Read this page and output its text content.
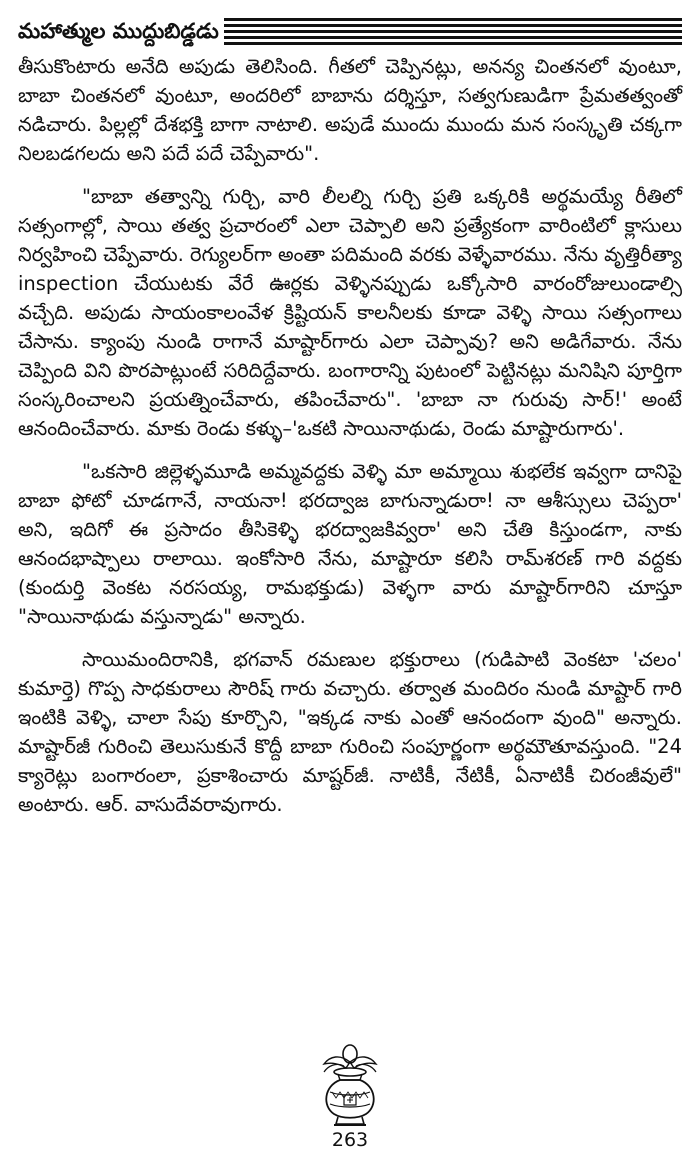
మహాత్ముల ముద్దుబిడ్డడు

తీసుకొంటారు అనేది అపుడు తెలిసింది. గీతలో చెప్పినట్లు, అనన్య చింతనలో వుంటూ, బాబా చింతనలో వుంటూ, అందరిలో బాబాను దర్శిస్తూ, సత్వగుణుడిగా ప్రేమతత్వంతో నడిచారు. పిల్లల్లో దేశభక్తి బాగా నాటాలి. అపుడే ముందు ముందు మన సంస్కృతి చక్కగా నిలబడగలదు అని పదే పదే చెప్పేవారు".

"బాబా తత్వాన్ని గుర్చి, వారి లీలల్ని గుర్చి ప్రతి ఒక్కరికి అర్థమయ్యే రీతిలో సత్సంగాల్లో, సాయి తత్వ ప్రచారంలో ఎలా చెప్పాలి అని ప్రత్యేకంగా వారింటిలో క్లాసులు నిర్వహించి చెప్పేవారు. రెగ్యులర్‌గా అంతా పదిమంది వరకు వెళ్ళేవారము. నేను వృత్తిరీత్యా inspection చేయుటకు వేరే ఊర్లకు వెళ్ళినప్పుడు ఒక్కోసారి వారంరోజులుండాల్సి వచ్చేది. అపుడు సాయంకాలంవేళ క్రిష్టియన్ కాలనీలకు కూడా వెళ్ళి సాయి సత్సంగాలు చేసాను. క్యాంపు నుండి రాగానే మాష్టార్‌గారు ఎలా చెప్పావు? అని అడిగేవారు. నేను చెప్పింది విని పొరపాట్లుంటే సరిదిద్దేవారు. బంగారాన్ని పుటంలో పెట్టినట్లు మనిషిని పూర్తిగా సంస్కరించాలని ప్రయత్నించేవారు, తపించేవారు". 'బాబా నా గురువు సార్!' అంటే ఆనందించేవారు. మాకు రెండు కళ్ళు–'ఒకటి సాయినాథుడు, రెండు మాష్టారుగారు'.

"ఒకసారి జిల్లెళ్ళమూడి అమ్మవద్దకు వెళ్ళి మా అమ్మాయి శుభలేక ఇవ్వగా దానిపై బాబా ఫోటో చూడగానే, నాయనా! భరద్వాజ బాగున్నాడురా! నా ఆశీస్సులు చెప్పరా' అని, ఇదిగో ఈ ప్రసాదం తీసికెళ్ళి భరద్వాజకివ్వరా' అని చేతి కిస్తుండగా, నాకు ఆనందభాష్పాలు రాలాయి. ఇంకోసారి నేను, మాష్టారూ కలిసి రామ్‌శరణ్ గారి వద్దకు (కుందుర్తి వెంకట నరసయ్య, రామభక్తుడు) వెళ్ళగా వారు మాష్టార్‌గారిని చూస్తూ "సాయినాథుడు వస్తున్నాడు" అన్నారు.

సాయిమందిరానికి, భగవాన్ రమణుల భక్తురాలు (గుడిపాటి వెంకటా 'చలం' కుమార్తె) గొప్ప సాధకురాలు సౌరిష్ గారు వచ్చారు. తర్వాత మందిరం నుండి మాష్టార్ గారి ఇంటికి వెళ్ళి, చాలా సేపు కూర్చొని, "ఇక్కడ నాకు ఎంతో ఆనందంగా వుంది" అన్నారు. మాష్టార్‌జీ గురించి తెలుసుకునే కొద్దీ బాబా గురించి సంపూర్ణంగా అర్థమౌతూవస్తుంది. "24 క్యారెట్లు బంగారంలా, ప్రకాశించారు మాష్టర్‌జీ. నాటికీ, నేటికీ, ఏనాటికీ చిరంజీవులే" అంటారు. ఆర్. వాసుదేవరావుగారు.

263
